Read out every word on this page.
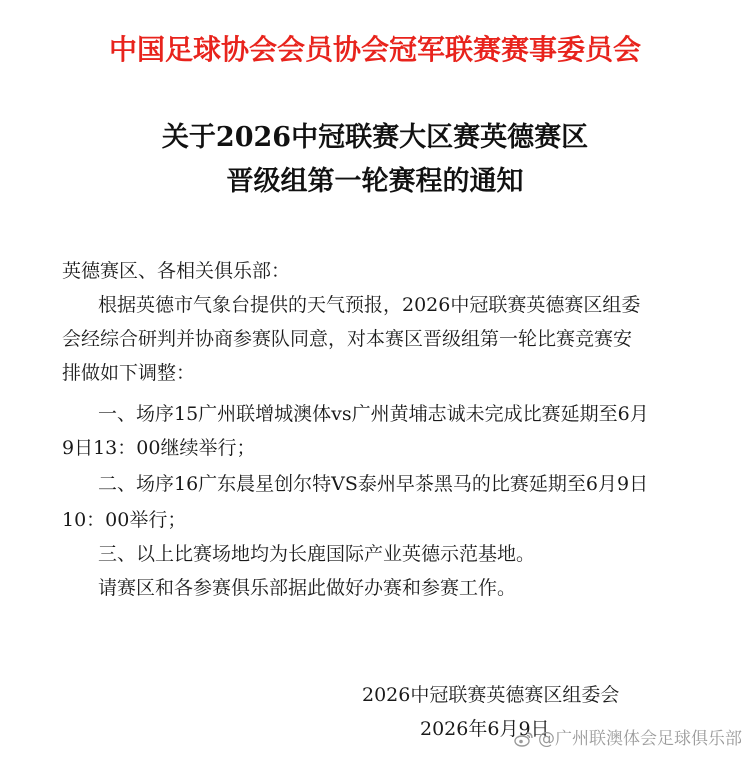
中国足球协会会员协会冠军联赛赛事委员会
关于2026中冠联赛大区赛英德赛区
晋级组第一轮赛程的通知
英德赛区、各相关俱乐部：
根据英德市气象台提供的天气预报，2026中冠联赛英德赛区组委
会经综合研判并协商参赛队同意，对本赛区晋级组第一轮比赛竞赛安
排做如下调整：
一、场序15广州联增城澳体vs广州黄埔志诚未完成比赛延期至6月
9日13：00继续举行；
二、场序16广东晨星创尔特VS泰州早茶黑马的比赛延期至6月9日
10：00举行；
三、以上比赛场地均为长鹿国际产业英德示范基地。
请赛区和各参赛俱乐部据此做好办赛和参赛工作。
2026中冠联赛英德赛区组委会
2026年6月9日
@广州联澳体会足球俱乐部
